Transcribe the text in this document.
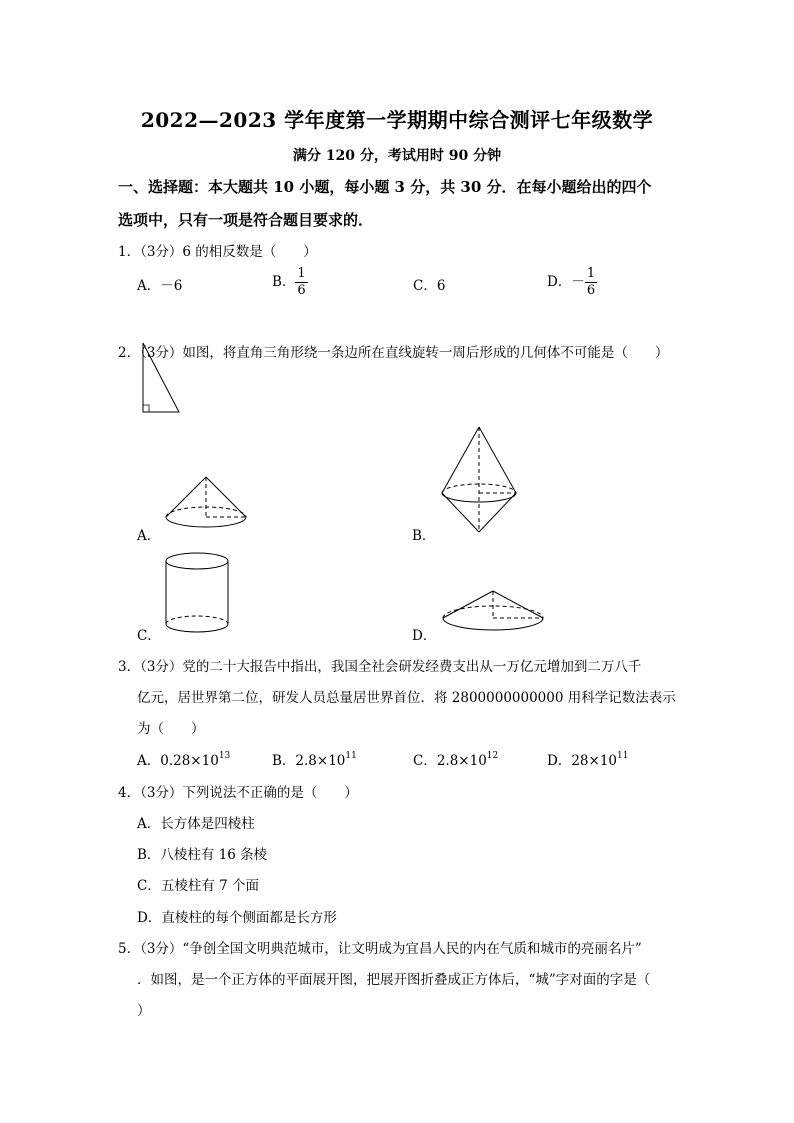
2022—2023 学年度第一学期期中综合测评七年级数学
满分 120 分，考试用时 90 分钟
一、选择题：本大题共 10 小题，每小题 3 分，共 30 分．在每小题给出的四个
选项中，只有一项是符合题目要求的．
1．（3分）6 的相反数是（　　）
A．－6	B． $\frac{1}{6}$	C．6	D．－ $\frac{1}{6}$
2．（3分）如图，将直角三角形绕一条边所在直线旋转一周后形成的几何体不可能是（　　）
A．	B．
C．	D．
3．（3分）党的二十大报告中指出，我国全社会研发经费支出从一万亿元增加到二万八千
亿元，居世界第二位，研发人员总量居世界首位．将 2800000000000 用科学记数法表示
为（　　）
A．$0.28\times 10^{13}$	B．$2.8\times 10^{11}$	C．$2.8\times 10^{12}$	D．$28\times 10^{11}$
4．（3分）下列说法不正确的是（　　）
A．长方体是四棱柱
B．八棱柱有 16 条棱
C．五棱柱有 7 个面
D．直棱柱的每个侧面都是长方形
5．（3分）“争创全国文明典范城市，让文明成为宜昌人民的内在气质和城市的亮丽名片”
．如图，是一个正方体的平面展开图，把展开图折叠成正方体后，“城”字对面的字是（
）
